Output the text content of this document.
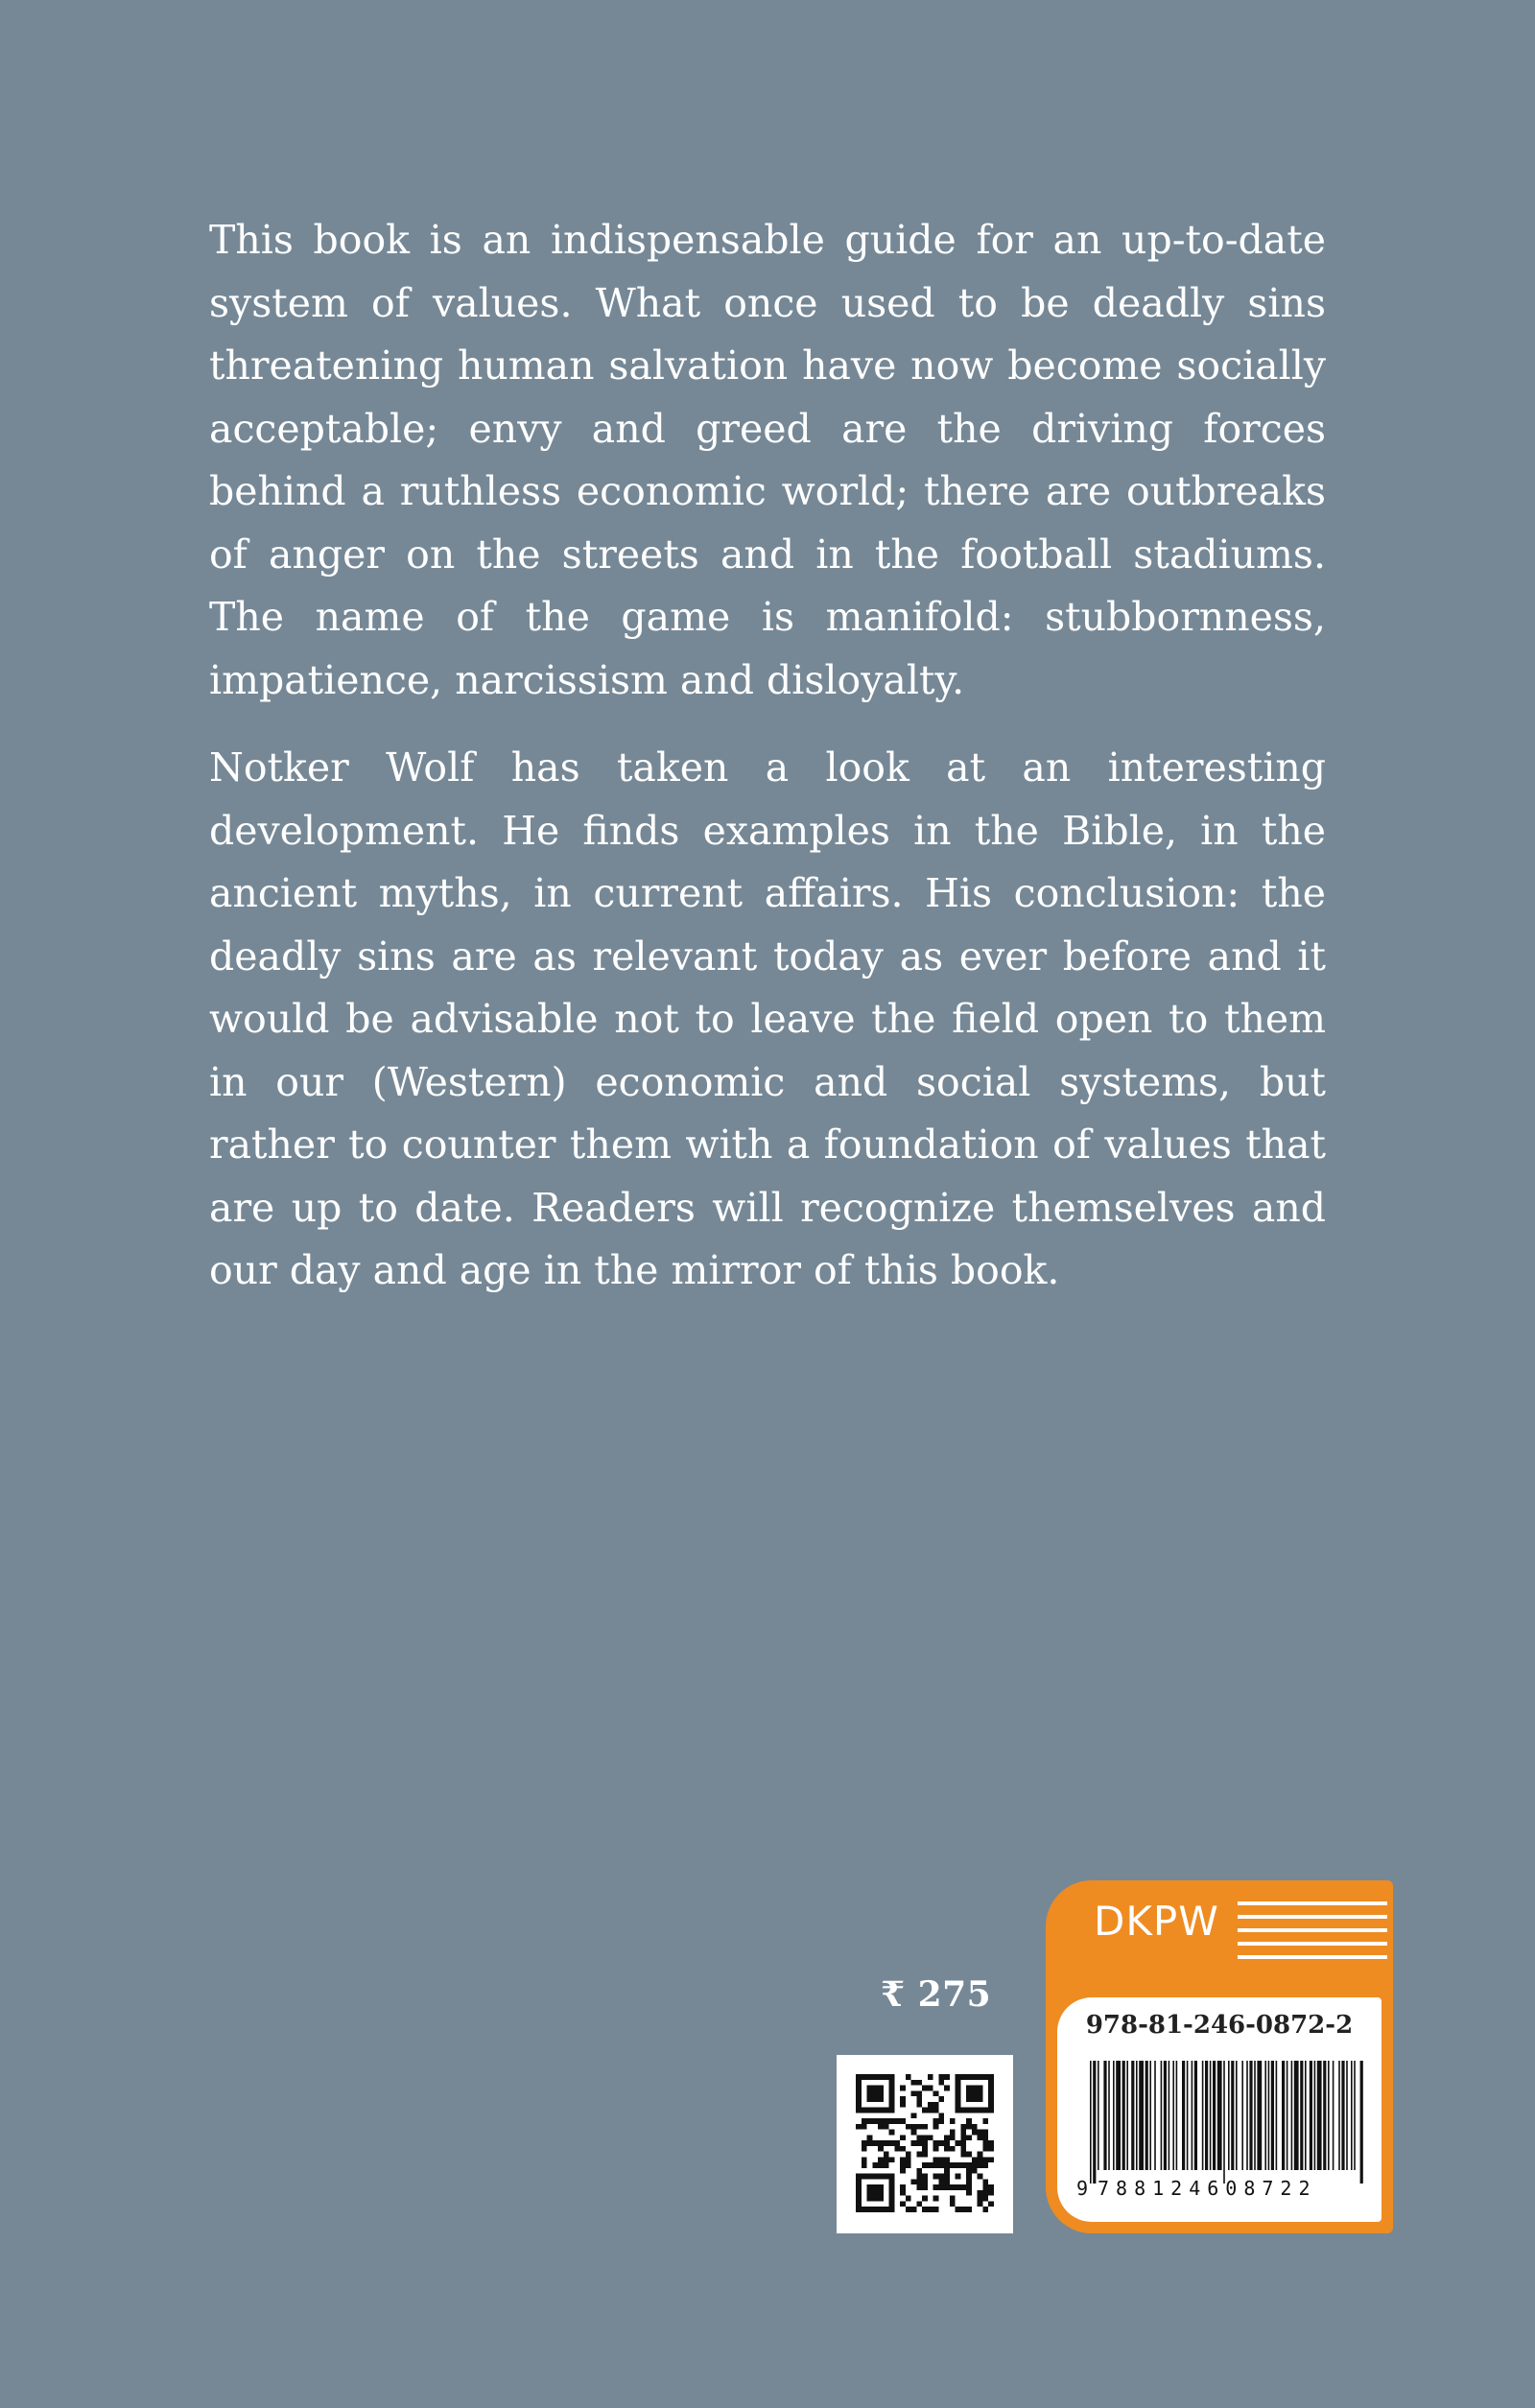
This book is an indispensable guide for an up-to-date system of values. What once used to be deadly sins threatening human salvation have now become socially acceptable; envy and greed are the driving forces behind a ruthless economic world; there are outbreaks of anger on the streets and in the football stadiums. The name of the game is manifold: stubbornness, impatience, narcissism and disloyalty.

Notker Wolf has taken a look at an interesting development. He finds examples in the Bible, in the ancient myths, in current affairs. His conclusion: the deadly sins are as relevant today as ever before and it would be advisable not to leave the field open to them in our (Western) economic and social systems, but rather to counter them with a foundation of values that are up to date. Readers will recognize themselves and our day and age in the mirror of this book.

₹ 275
DKPW
978-81-246-0872-2
9 788124608722
